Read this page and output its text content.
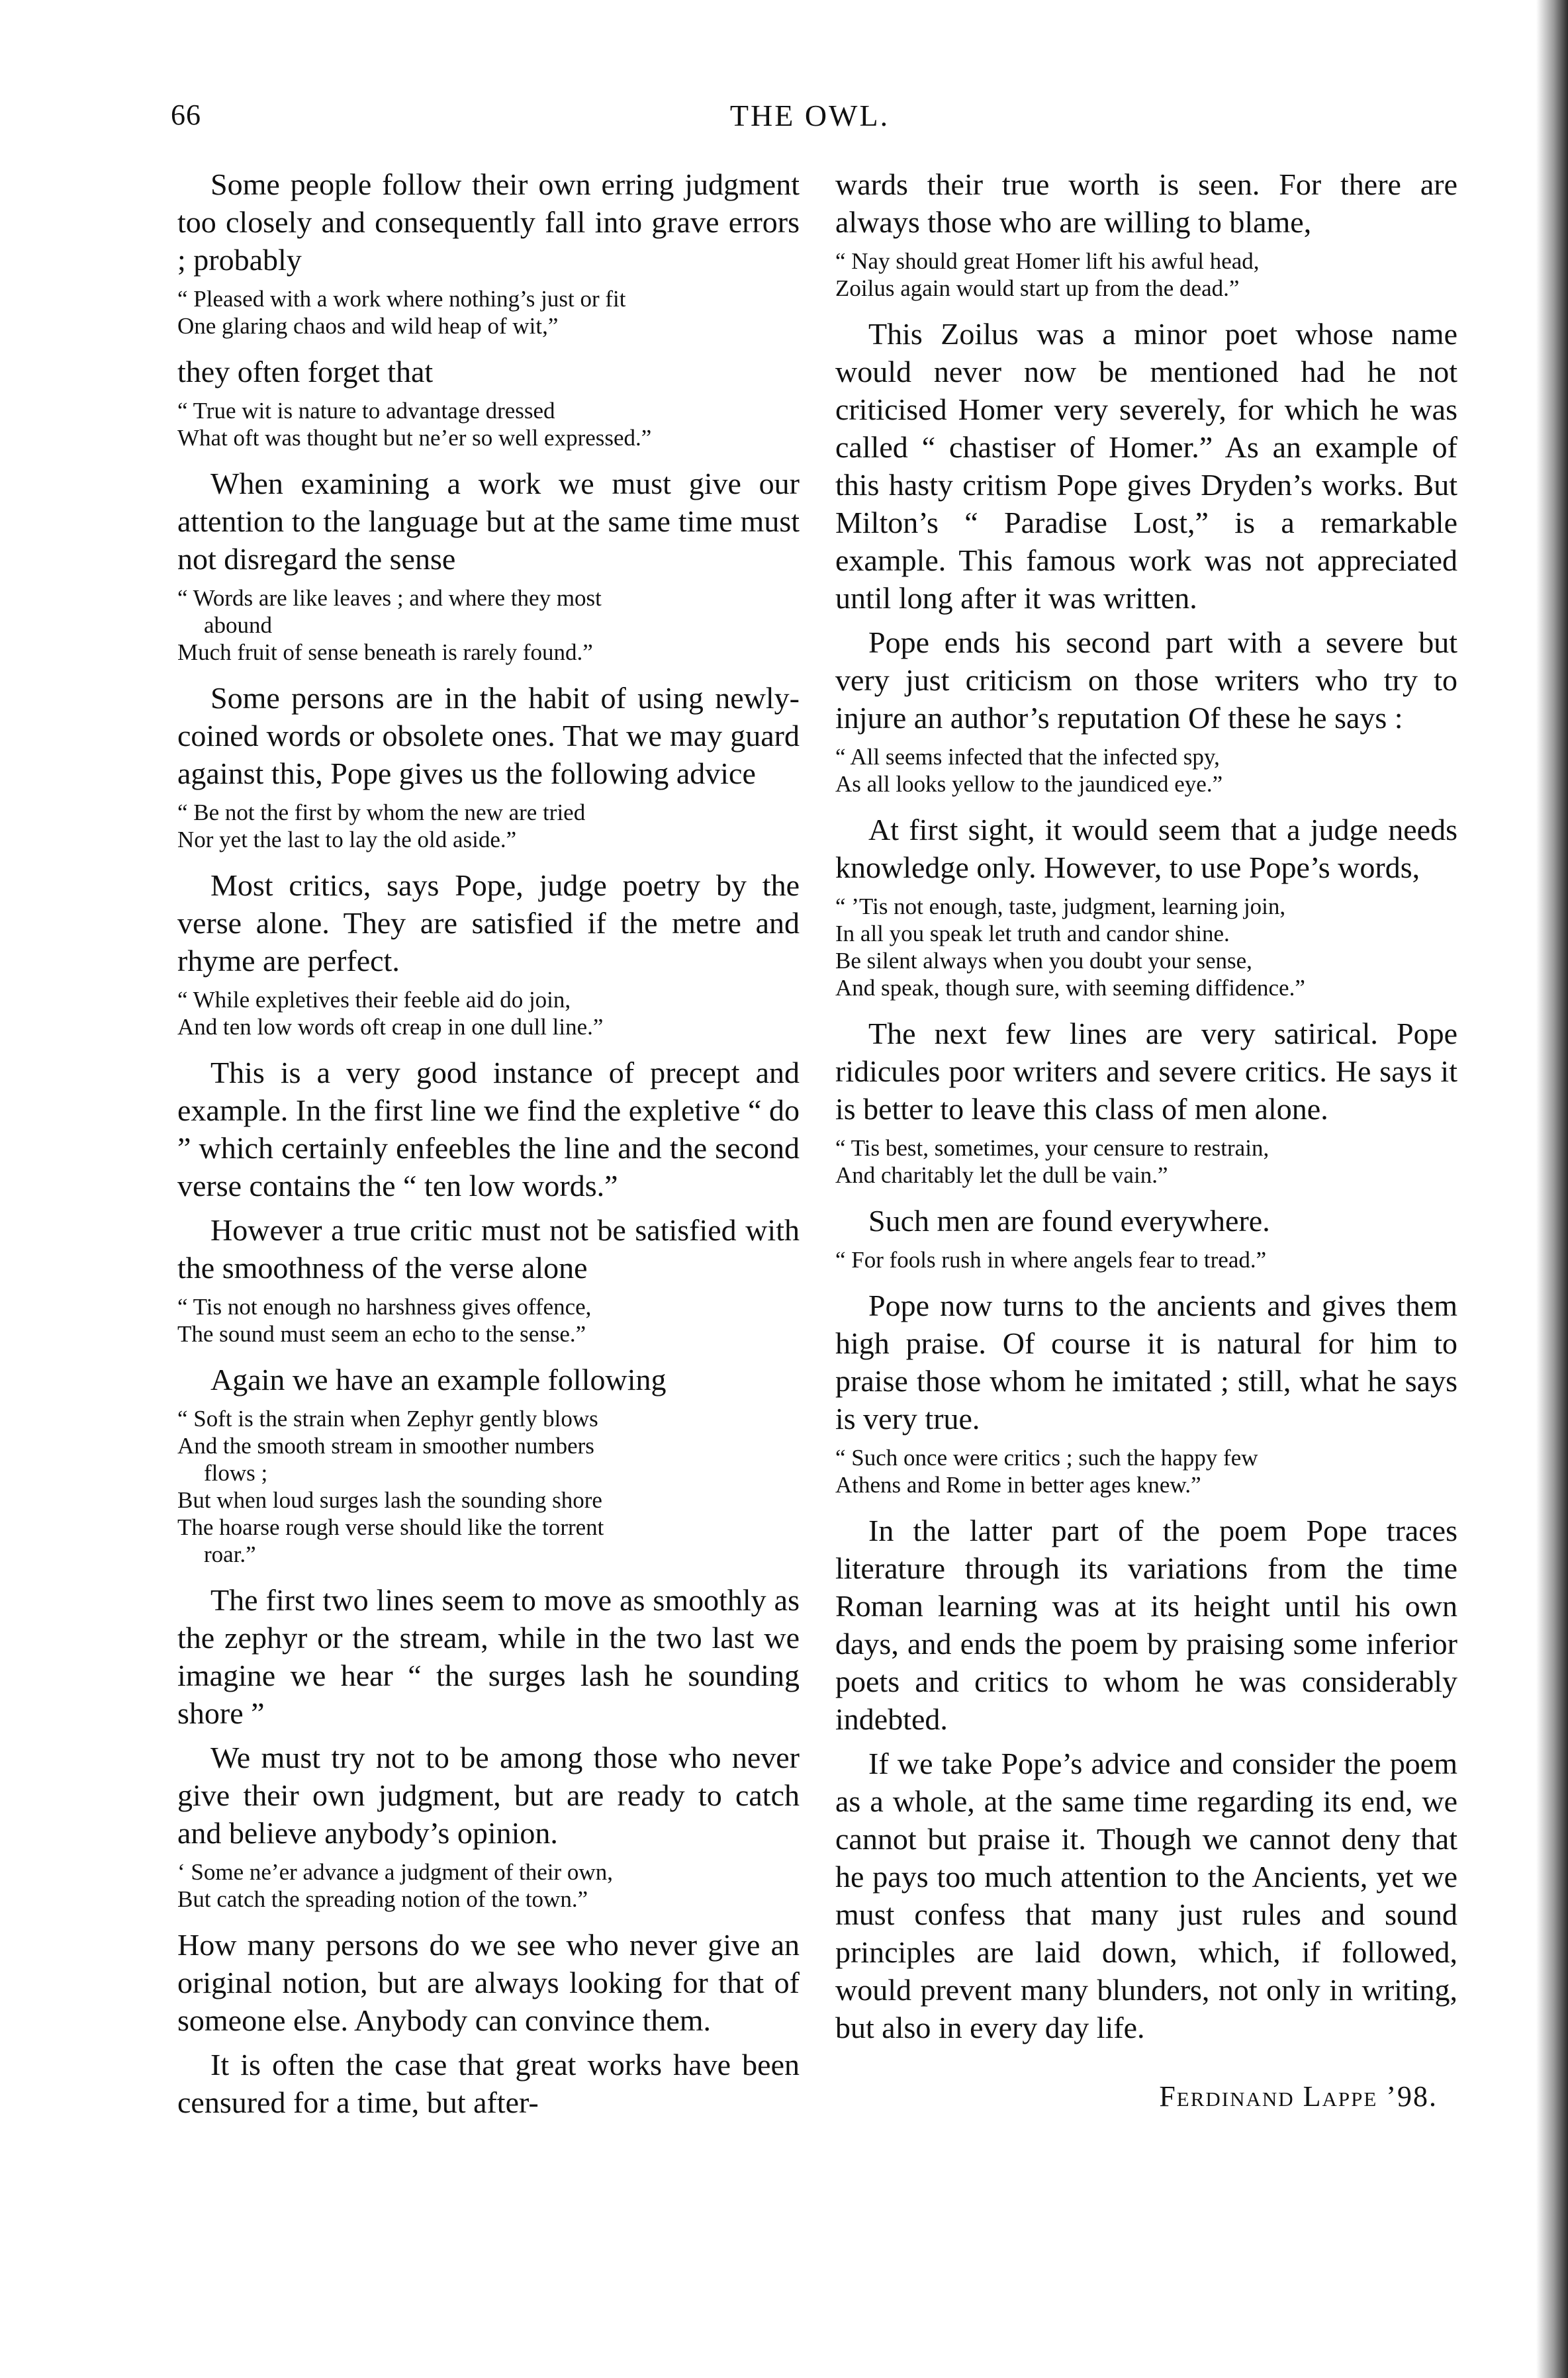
66	THE OWL.

Some people follow their own erring judgment too closely and consequently fall into grave errors ; probably

“ Pleased with a work where nothing’s just or fit
One glaring chaos and wild heap of wit,”

they often forget that

“ True wit is nature to advantage dressed
What oft was thought but ne’er so well expressed.”

When examining a work we must give our attention to the language but at the same time must not disregard the sense

“ Words are like leaves ; and where they most
abound
Much fruit of sense beneath is rarely found.”

Some persons are in the habit of using newly-coined words or obsolete ones. That we may guard against this, Pope gives us the following advice

“ Be not the first by whom the new are tried
Nor yet the last to lay the old aside.”

Most critics, says Pope, judge poetry by the verse alone. They are satisfied if the metre and rhyme are perfect.

“ While expletives their feeble aid do join,
And ten low words oft creap in one dull line.”

This is a very good instance of precept and example. In the first line we find the expletive “ do ” which certainly enfeebles the line and the second verse contains the “ ten low words.”

However a true critic must not be satisfied with the smoothness of the verse alone

“ Tis not enough no harshness gives offence,
The sound must seem an echo to the sense.”

Again we have an example following

“ Soft is the strain when Zephyr gently blows
And the smooth stream in smoother numbers
flows ;
But when loud surges lash the sounding shore
The hoarse rough verse should like the torrent
roar.”

The first two lines seem to move as smoothly as the zephyr or the stream, while in the two last we imagine we hear “ the surges lash he sounding shore ”

We must try not to be among those who never give their own judgment, but are ready to catch and believe anybody’s opinion.

‘ Some ne’er advance a judgment of their own,
But catch the spreading notion of the town.”

How many persons do we see who never give an original notion, but are always looking for that of someone else. Anybody can convince them.

It is often the case that great works have been censured for a time, but after-

wards their true worth is seen. For there are always those who are willing to blame,

“ Nay should great Homer lift his awful head,
Zoilus again would start up from the dead.”

This Zoilus was a minor poet whose name would never now be mentioned had he not criticised Homer very severely, for which he was called “ chastiser of Homer.” As an example of this hasty critism Pope gives Dryden’s works. But Milton’s “ Paradise Lost,” is a remarkable example. This famous work was not appreciated until long after it was written.

Pope ends his second part with a severe but very just criticism on those writers who try to injure an author’s reputation Of these he says :

“ All seems infected that the infected spy,
As all looks yellow to the jaundiced eye.”

At first sight, it would seem that a judge needs knowledge only. However, to use Pope’s words,

“ ’Tis not enough, taste, judgment, learning join,
In all you speak let truth and candor shine.
Be silent always when you doubt your sense,
And speak, though sure, with seeming diffidence.”

The next few lines are very satirical. Pope ridicules poor writers and severe critics. He says it is better to leave this class of men alone.

“ Tis best, sometimes, your censure to restrain,
And charitably let the dull be vain.”

Such men are found everywhere.

“ For fools rush in where angels fear to tread.”

Pope now turns to the ancients and gives them high praise. Of course it is natural for him to praise those whom he imitated ; still, what he says is very true.

“ Such once were critics ; such the happy few
Athens and Rome in better ages knew.”

In the latter part of the poem Pope traces literature through its variations from the time Roman learning was at its height until his own days, and ends the poem by praising some inferior poets and critics to whom he was considerably indebted.

If we take Pope’s advice and consider the poem as a whole, at the same time regarding its end, we cannot but praise it. Though we cannot deny that he pays too much attention to the Ancients, yet we must confess that many just rules and sound principles are laid down, which, if followed, would prevent many blunders, not only in writing, but also in every day life.

Ferdinand Lappe ’98.
